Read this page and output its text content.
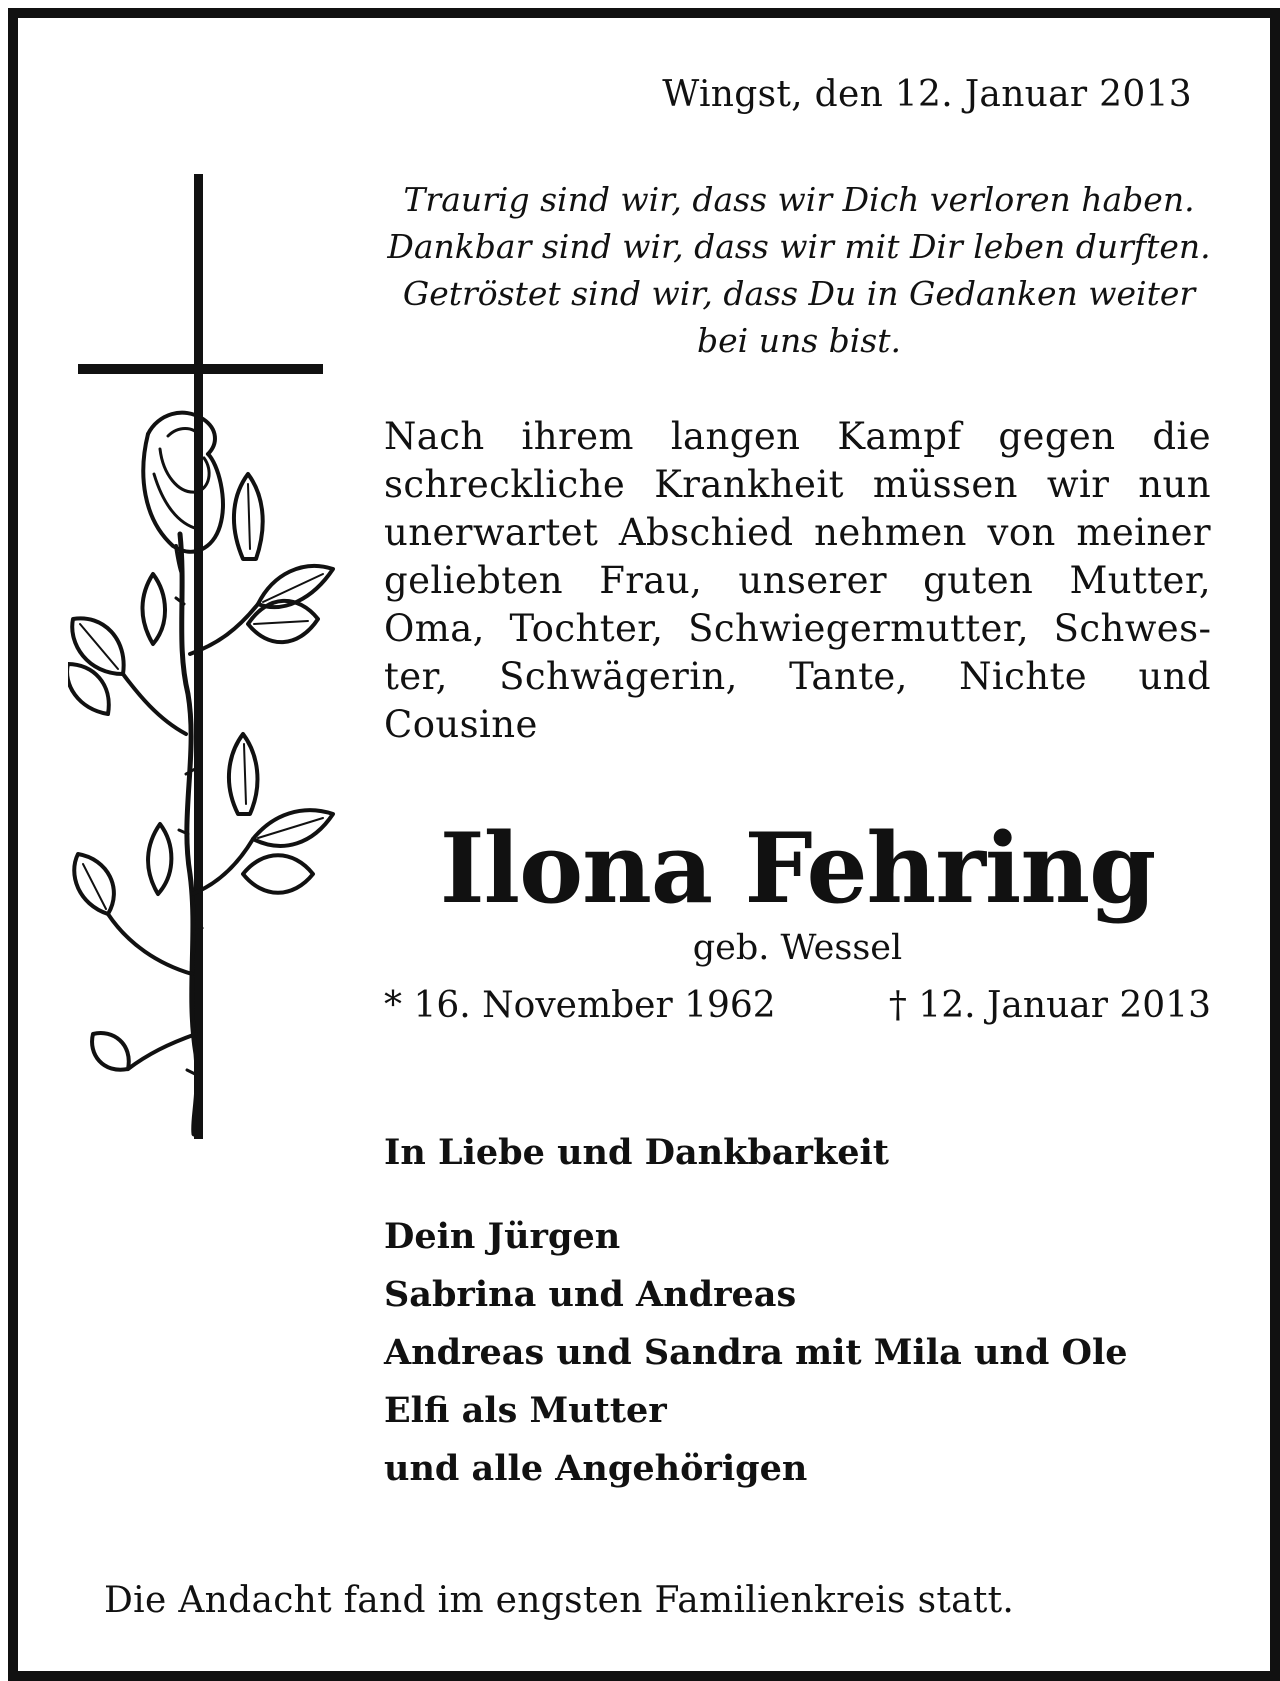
Wingst, den 12. Januar 2013
Traurig sind wir, dass wir Dich verloren haben.
Dankbar sind wir, dass wir mit Dir leben durften.
Getröstet sind wir, dass Du in Gedanken weiter
bei uns bist.
Nach ihrem langen Kampf gegen die schreckliche Krankheit müssen wir nun unerwartet Abschied nehmen von meiner geliebten Frau, unserer guten Mutter, Oma, Tochter, Schwiegermutter, Schwester, Schwägerin, Tante, Nichte und Cousine
Ilona Fehring
geb. Wessel
* 16. November 1962	† 12. Januar 2013
In Liebe und Dankbarkeit
Dein Jürgen
Sabrina und Andreas
Andreas und Sandra mit Mila und Ole
Elfi als Mutter
und alle Angehörigen
Die Andacht fand im engsten Familienkreis statt.
